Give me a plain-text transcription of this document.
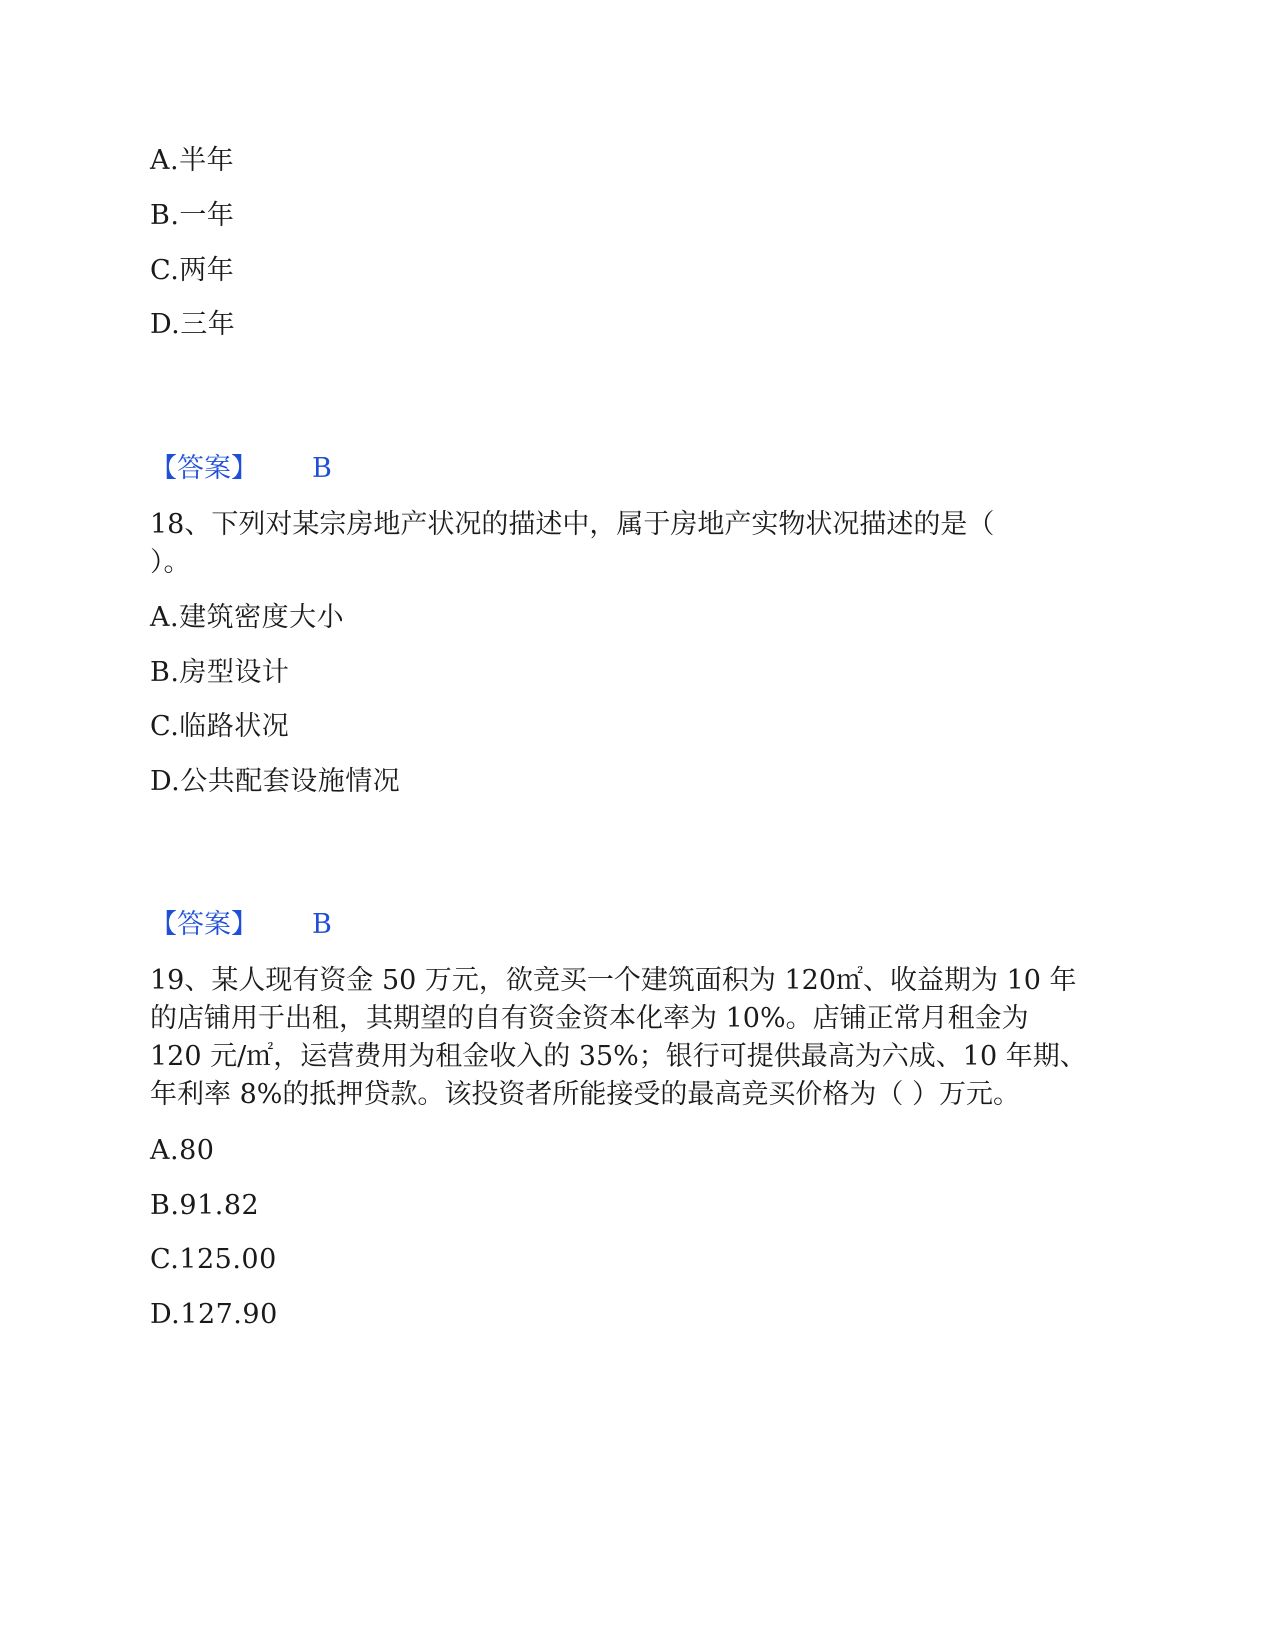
A.半年
B.一年
C.两年
D.三年
【答案】 B
18、下列对某宗房地产状况的描述中，属于房地产实物状况描述的是（
）。
A.建筑密度大小
B.房型设计
C.临路状况
D.公共配套设施情况
【答案】 B
19、某人现有资金 50 万元，欲竞买一个建筑面积为 120㎡、收益期为 10 年
的店铺用于出租，其期望的自有资金资本化率为 10%。店铺正常月租金为
120 元/㎡，运营费用为租金收入的 35%；银行可提供最高为六成、10 年期、
年利率 8%的抵押贷款。该投资者所能接受的最高竞买价格为（ ）万元。
A.80
B.91.82
C.125.00
D.127.90
